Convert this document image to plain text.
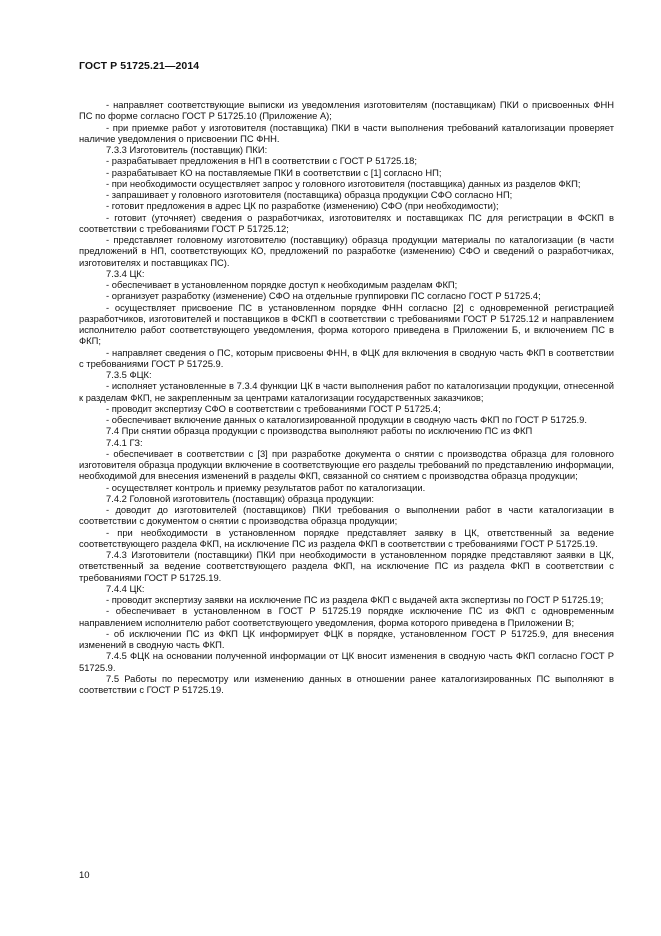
ГОСТ Р 51725.21—2014

- направляет соответствующие выписки из уведомления изготовителям (поставщикам) ПКИ о присвоенных ФНН ПС по форме согласно ГОСТ Р 51725.10 (Приложение А);

- при приемке работ у изготовителя (поставщика) ПКИ в части выполнения требований каталогизации проверяет наличие уведомления о присвоении ПС ФНН.

7.3.3 Изготовитель (поставщик) ПКИ:

- разрабатывает предложения в НП в соответствии с ГОСТ Р 51725.18;

- разрабатывает КО на поставляемые ПКИ в соответствии с [1] согласно НП;

- при необходимости осуществляет запрос у головного изготовителя (поставщика) данных из разделов ФКП;

- запрашивает у головного изготовителя (поставщика) образца продукции СФО согласно НП;

- готовит предложения в адрес ЦК по разработке (изменению) СФО (при необходимости);

- готовит (уточняет) сведения о разработчиках, изготовителях и поставщиках ПС для регистрации в ФСКП в соответствии с требованиями ГОСТ Р 51725.12;

- представляет головному изготовителю (поставщику) образца продукции материалы по каталогизации (в части предложений в НП, соответствующих КО, предложений по разработке (изменению) СФО и сведений о разработчиках, изготовителях и поставщиках ПС).

7.3.4 ЦК:

- обеспечивает в установленном порядке доступ к необходимым разделам ФКП;

- организует разработку (изменение) СФО на отдельные группировки ПС согласно ГОСТ Р 51725.4;

- осуществляет присвоение ПС в установленном порядке ФНН согласно [2] с одновременной регистрацией разработчиков, изготовителей и поставщиков в ФСКП в соответствии с требованиями ГОСТ Р 51725.12 и направлением исполнителю работ соответствующего уведомления, форма которого приведена в Приложении Б, и включением ПС в ФКП;

- направляет сведения о ПС, которым присвоены ФНН, в ФЦК для включения в сводную часть ФКП в соответствии с требованиями ГОСТ Р 51725.9.

7.3.5 ФЦК:

- исполняет установленные в 7.3.4 функции ЦК в части выполнения работ по каталогизации продукции, отнесенной к разделам ФКП, не закрепленным за центрами каталогизации государственных заказчиков;

- проводит экспертизу СФО в соответствии с требованиями ГОСТ Р 51725.4;

- обеспечивает включение данных о каталогизированной продукции в сводную часть ФКП по ГОСТ Р 51725.9.

7.4 При снятии образца продукции с производства выполняют работы по исключению ПС из ФКП

7.4.1 ГЗ:

- обеспечивает в соответствии с [3] при разработке документа о снятии с производства образца для головного изготовителя образца продукции включение в соответствующие его разделы требований по представлению информации, необходимой для внесения изменений в разделы ФКП, связанной со снятием с производства образца продукции;

- осуществляет контроль и приемку результатов работ по каталогизации.

7.4.2 Головной изготовитель (поставщик) образца продукции:

- доводит до изготовителей (поставщиков) ПКИ требования о выполнении работ в части каталогизации в соответствии с документом о снятии с производства образца продукции;

- при необходимости в установленном порядке представляет заявку в ЦК, ответственный за ведение соответствующего раздела ФКП, на исключение ПС из раздела ФКП в соответствии с требованиями ГОСТ Р 51725.19.

7.4.3 Изготовители (поставщики) ПКИ при необходимости в установленном порядке представляют заявки в ЦК, ответственный за ведение соответствующего раздела ФКП, на исключение ПС из раздела ФКП в соответствии с требованиями ГОСТ Р 51725.19.

7.4.4 ЦК:

- проводит экспертизу заявки на исключение ПС из раздела ФКП с выдачей акта экспертизы по ГОСТ Р 51725.19;

- обеспечивает в установленном в ГОСТ Р 51725.19 порядке исключение ПС из ФКП с одновременным направлением исполнителю работ соответствующего уведомления, форма которого приведена в Приложении В;

- об исключении ПС из ФКП ЦК информирует ФЦК в порядке, установленном ГОСТ Р 51725.9, для внесения изменений в сводную часть ФКП.

7.4.5 ФЦК на основании полученной информации от ЦК вносит изменения в сводную часть ФКП согласно ГОСТ Р 51725.9.

7.5 Работы по пересмотру или изменению данных в отношении ранее каталогизированных ПС выполняют в соответствии с ГОСТ Р 51725.19.

10
